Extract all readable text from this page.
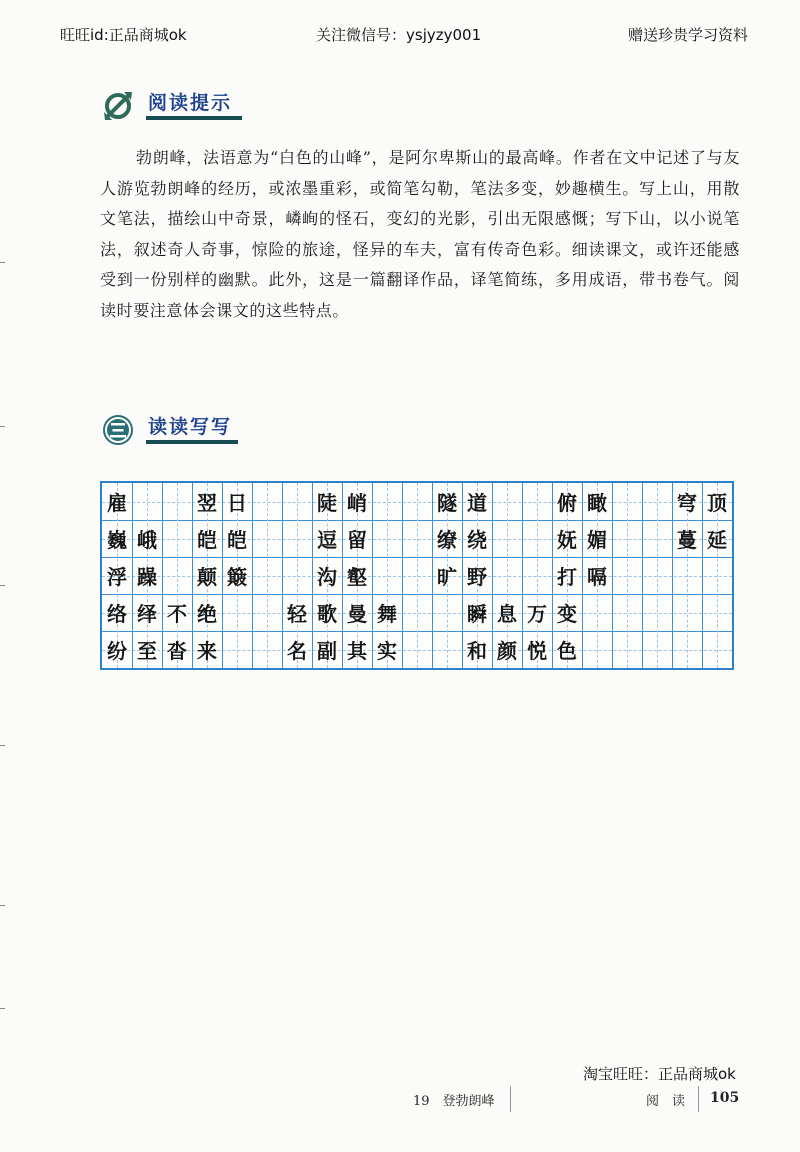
旺旺id:正品商城ok	关注微信号：ysjyzy001	赠送珍贵学习资料
阅读提示
勃朗峰，法语意为“白色的山峰”，是阿尔卑斯山的最高峰。作者在文中记述了与友人游览勃朗峰的经历，或浓墨重彩，或简笔勾勒，笔法多变，妙趣横生。写上山，用散文笔法，描绘山中奇景，嶙峋的怪石，变幻的光影，引出无限感慨；写下山，以小说笔法，叙述奇人奇事，惊险的旅途，怪异的车夫，富有传奇色彩。细读课文，或许还能感受到一份别样的幽默。此外，这是一篇翻译作品，译笔简练，多用成语，带书卷气。阅读时要注意体会课文的这些特点。
读读写写
雇	翌 日	陡 峭	隧 道	俯 瞰	穹 顶
巍 峨	皑 皑	逗 留	缭 绕	妩 媚	蔓 延
浮 躁	颠 簸	沟 壑	旷 野	打 嗝
络 绎 不 绝	轻 歌 曼 舞	瞬 息 万 变
纷 至 沓 来	名 副 其 实	和 颜 悦 色
淘宝旺旺：正品商城ok
19　登勃朗峰	阅　读 105
